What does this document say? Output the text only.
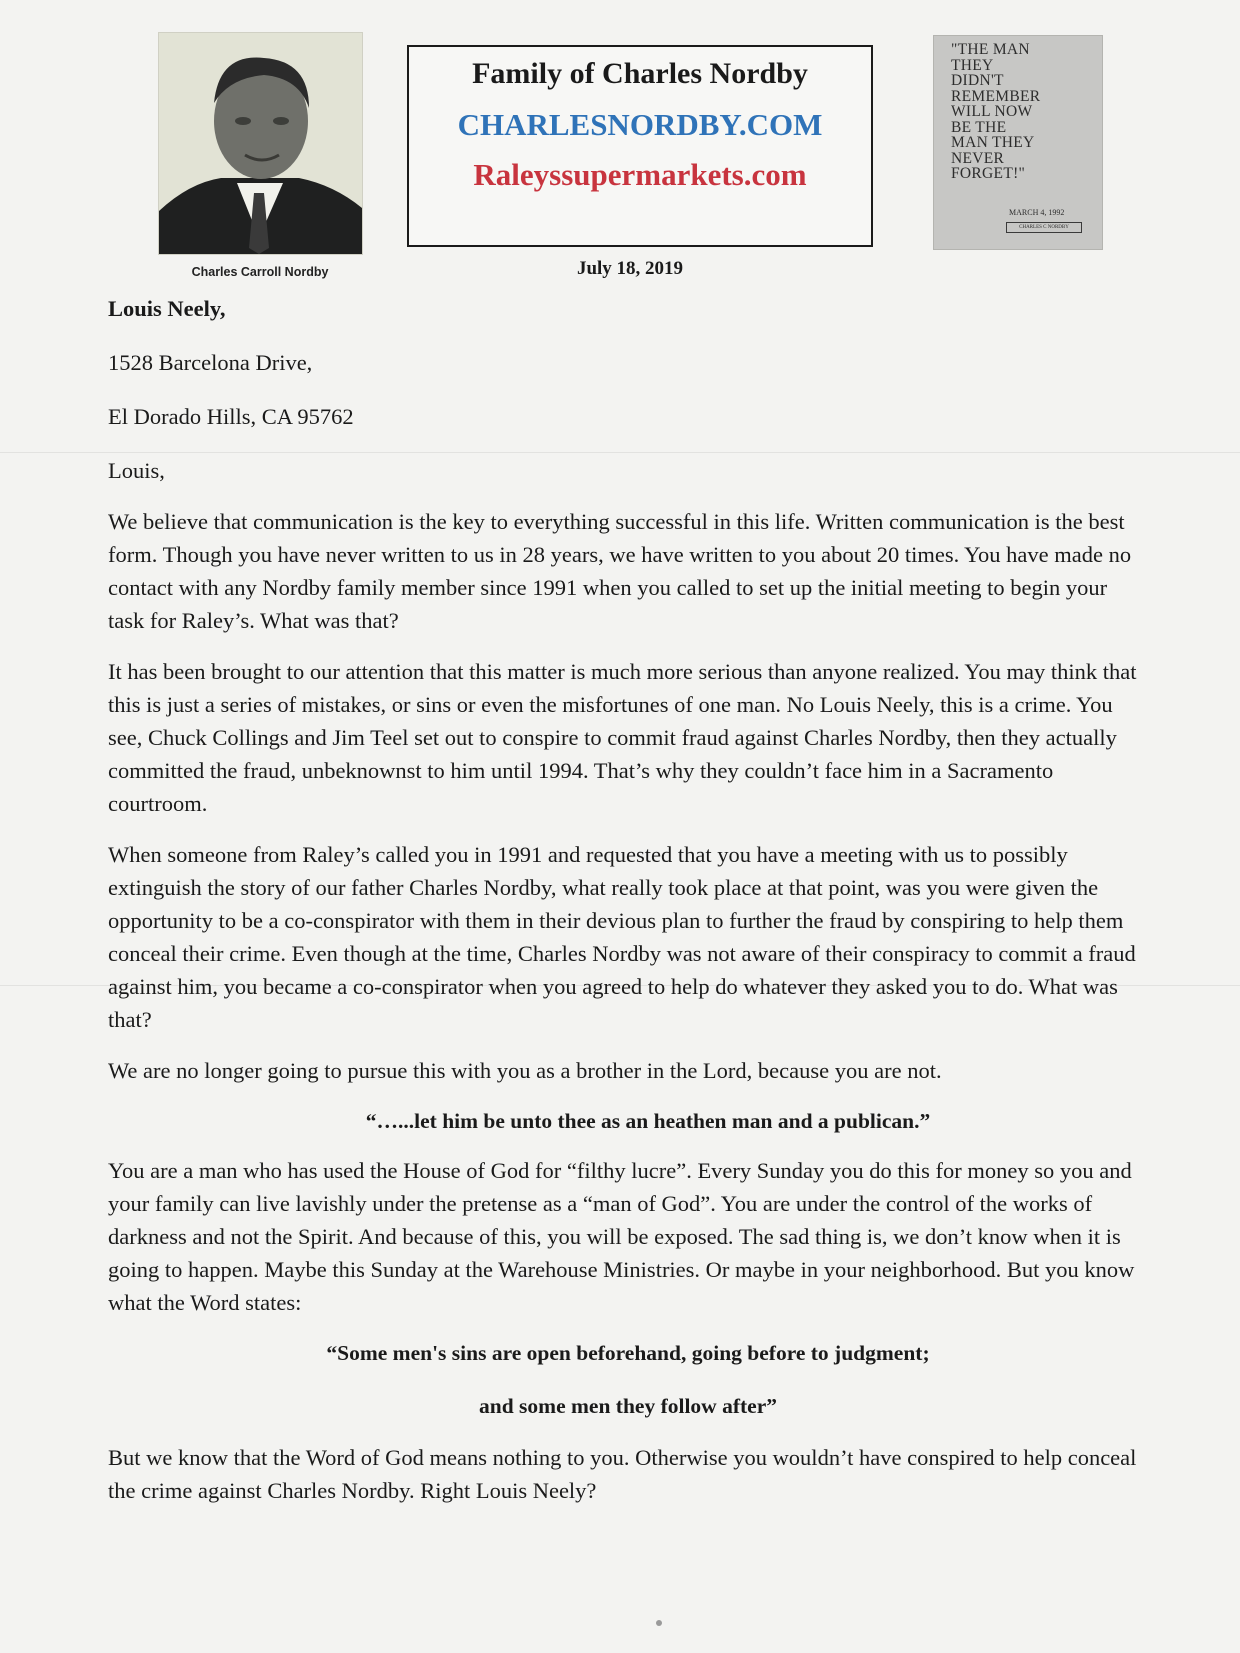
Charles Carroll Nordby
Family of Charles Nordby
CHARLESNORDBY.COM
Raleyssupermarkets.com
July 18, 2019
"THE MAN
THEY
DIDN'T
REMEMBER
WILL NOW
BE THE
MAN THEY
NEVER
FORGET!"
MARCH 4, 1992
CHARLES C NORDBY

Louis Neely,

1528 Barcelona Drive,

El Dorado Hills, CA 95762

Louis,

We believe that communication is the key to everything successful in this life. Written communication is the best form. Though you have never written to us in 28 years, we have written to you about 20 times. You have made no contact with any Nordby family member since 1991 when you called to set up the initial meeting to begin your task for Raley’s. What was that?

It has been brought to our attention that this matter is much more serious than anyone realized. You may think that this is just a series of mistakes, or sins or even the misfortunes of one man. No Louis Neely, this is a crime. You see, Chuck Collings and Jim Teel set out to conspire to commit fraud against Charles Nordby, then they actually committed the fraud, unbeknownst to him until 1994. That’s why they couldn’t face him in a Sacramento courtroom.

When someone from Raley’s called you in 1991 and requested that you have a meeting with us to possibly extinguish the story of our father Charles Nordby, what really took place at that point, was you were given the opportunity to be a co-conspirator with them in their devious plan to further the fraud by conspiring to help them conceal their crime. Even though at the time, Charles Nordby was not aware of their conspiracy to commit a fraud against him, you became a co-conspirator when you agreed to help do whatever they asked you to do. What was that?

We are no longer going to pursue this with you as a brother in the Lord, because you are not.

“…...let him be unto thee as an heathen man and a publican.”

You are a man who has used the House of God for “filthy lucre”. Every Sunday you do this for money so you and your family can live lavishly under the pretense as a “man of God”. You are under the control of the works of darkness and not the Spirit. And because of this, you will be exposed. The sad thing is, we don’t know when it is going to happen. Maybe this Sunday at the Warehouse Ministries. Or maybe in your neighborhood. But you know what the Word states:

“Some men's sins are open beforehand, going before to judgment;

and some men they follow after”

But we know that the Word of God means nothing to you. Otherwise you wouldn’t have conspired to help conceal the crime against Charles Nordby. Right Louis Neely?
